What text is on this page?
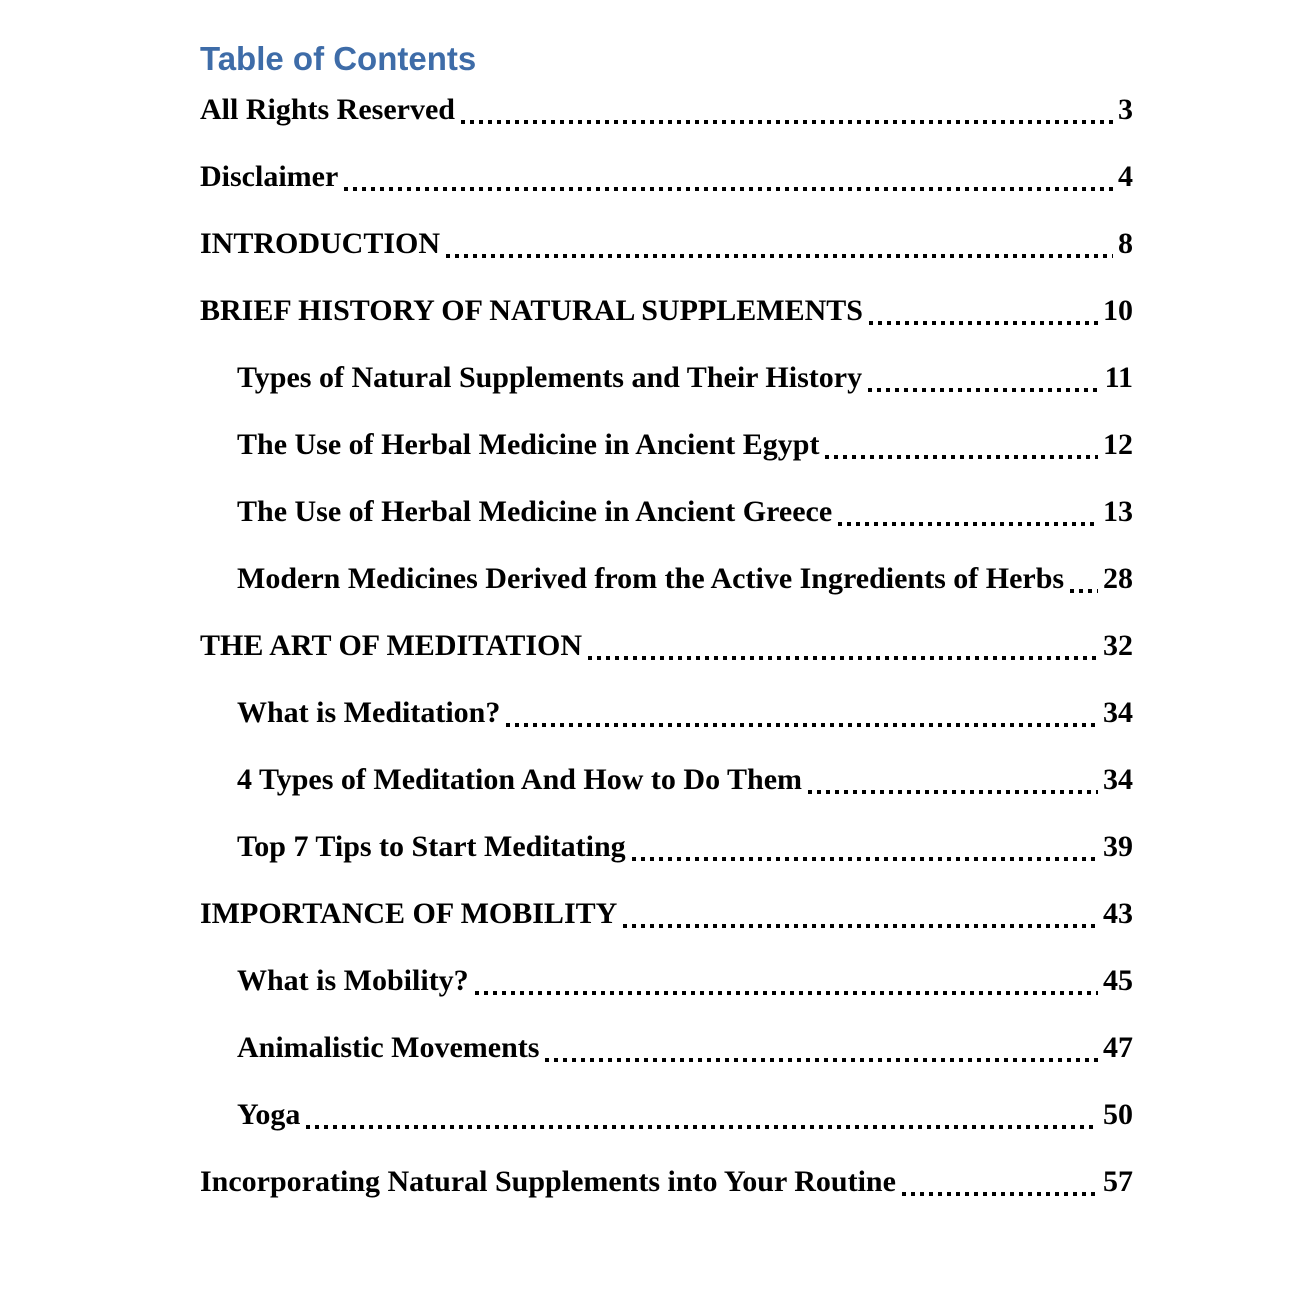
Table of Contents
All Rights Reserved	3
Disclaimer	4
INTRODUCTION	8
BRIEF HISTORY OF NATURAL SUPPLEMENTS	10
Types of Natural Supplements and Their History	11
The Use of Herbal Medicine in Ancient Egypt	12
The Use of Herbal Medicine in Ancient Greece	13
Modern Medicines Derived from the Active Ingredients of Herbs 28
THE ART OF MEDITATION	32
What is Meditation?	34
4 Types of Meditation And How to Do Them	34
Top 7 Tips to Start Meditating	39
IMPORTANCE OF MOBILITY	43
What is Mobility?	45
Animalistic Movements	47
Yoga	50
Incorporating Natural Supplements into Your Routine	57
